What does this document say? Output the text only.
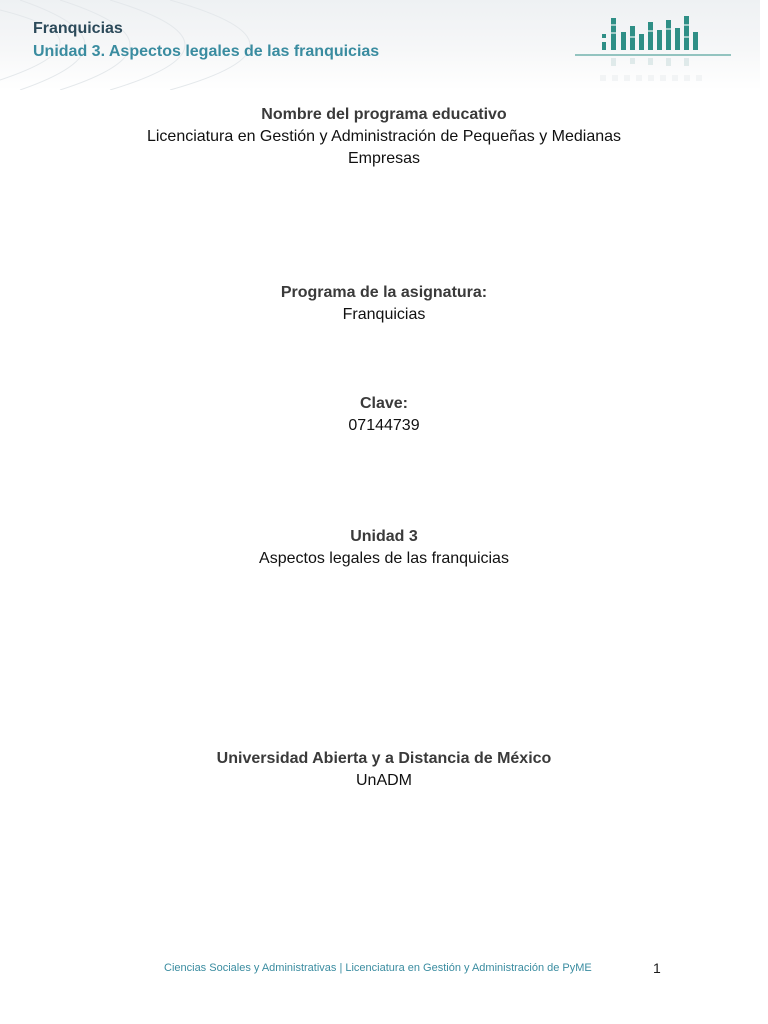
Franquicias
Unidad 3. Aspectos legales de las franquicias
Nombre del programa educativo
Licenciatura en Gestión y Administración de Pequeñas y Medianas Empresas
Programa de la asignatura:
Franquicias
Clave:
07144739
Unidad 3
Aspectos legales de las franquicias
Universidad Abierta y a Distancia de México
UnADM
Ciencias Sociales y Administrativas | Licenciatura en Gestión y Administración de PyME	1
